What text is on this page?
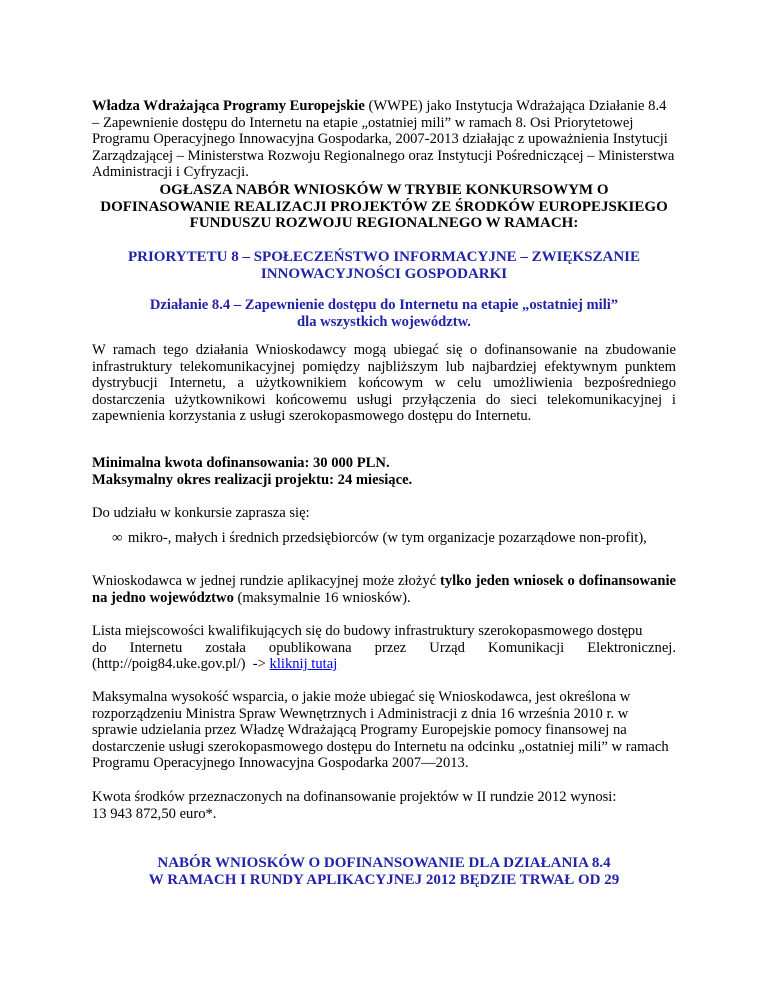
Władza Wdrażająca Programy Europejskie (WWPE) jako Instytucja Wdrażająca Działanie 8.4 – Zapewnienie dostępu do Internetu na etapie „ostatniej mili” w ramach 8. Osi Priorytetowej Programu Operacyjnego Innowacyjna Gospodarka, 2007-2013 działając z upoważnienia Instytucji Zarządzającej – Ministerstwa Rozwoju Regionalnego oraz Instytucji Pośredniczącej – Ministerstwa Administracji i Cyfryzacji.

OGŁASZA NABÓR WNIOSKÓW W TRYBIE KONKURSOWYM O DOFINASOWANIE REALIZACJI PROJEKTÓW ZE ŚRODKÓW EUROPEJSKIEGO FUNDUSZU ROZWOJU REGIONALNEGO W RAMACH:

PRIORYTETU 8 – SPOŁECZEŃSTWO INFORMACYJNE – ZWIĘKSZANIE INNOWACYJNOŚCI GOSPODARKI

Działanie 8.4 – Zapewnienie dostępu do Internetu na etapie „ostatniej mili”
dla wszystkich województw.

W ramach tego działania Wnioskodawcy mogą ubiegać się o dofinansowanie na zbudowanie infrastruktury telekomunikacyjnej pomiędzy najbliższym lub najbardziej efektywnym punktem dystrybucji Internetu, a użytkownikiem końcowym w celu umożliwienia bezpośredniego dostarczenia użytkownikowi końcowemu usługi przyłączenia do sieci telekomunikacyjnej i zapewnienia korzystania z usługi szerokopasmowego dostępu do Internetu.

Minimalna kwota dofinansowania: 30 000 PLN.
Maksymalny okres realizacji projektu: 24 miesiące.

Do udziału w konkursie zaprasza się:

∞ mikro-, małych i średnich przedsiębiorców (w tym organizacje pozarządowe non-profit),

Wnioskodawca w jednej rundzie aplikacyjnej może złożyć tylko jeden wniosek o dofinansowanie na jedno województwo (maksymalnie 16 wniosków).

Lista miejscowości kwalifikujących się do budowy infrastruktury szerokopasmowego dostępu
do Internetu została opublikowana przez Urząd Komunikacji Elektronicznej.
(http://poig84.uke.gov.pl/) -> kliknij tutaj

Maksymalna wysokość wsparcia, o jakie może ubiegać się Wnioskodawca, jest określona w rozporządzeniu Ministra Spraw Wewnętrznych i Administracji z dnia 16 września 2010 r. w sprawie udzielania przez Władzę Wdrażającą Programy Europejskie pomocy finansowej na dostarczenie usługi szerokopasmowego dostępu do Internetu na odcinku „ostatniej mili” w ramach Programu Operacyjnego Innowacyjna Gospodarka 2007—2013.

Kwota środków przeznaczonych na dofinansowanie projektów w II rundzie 2012 wynosi:
13 943 872,50 euro*.
NABÓR WNIOSKÓW O DOFINANSOWANIE DLA DZIAŁANIA 8.4
W RAMACH I RUNDY APLIKACYJNEJ 2012 BĘDZIE TRWAŁ OD 29
